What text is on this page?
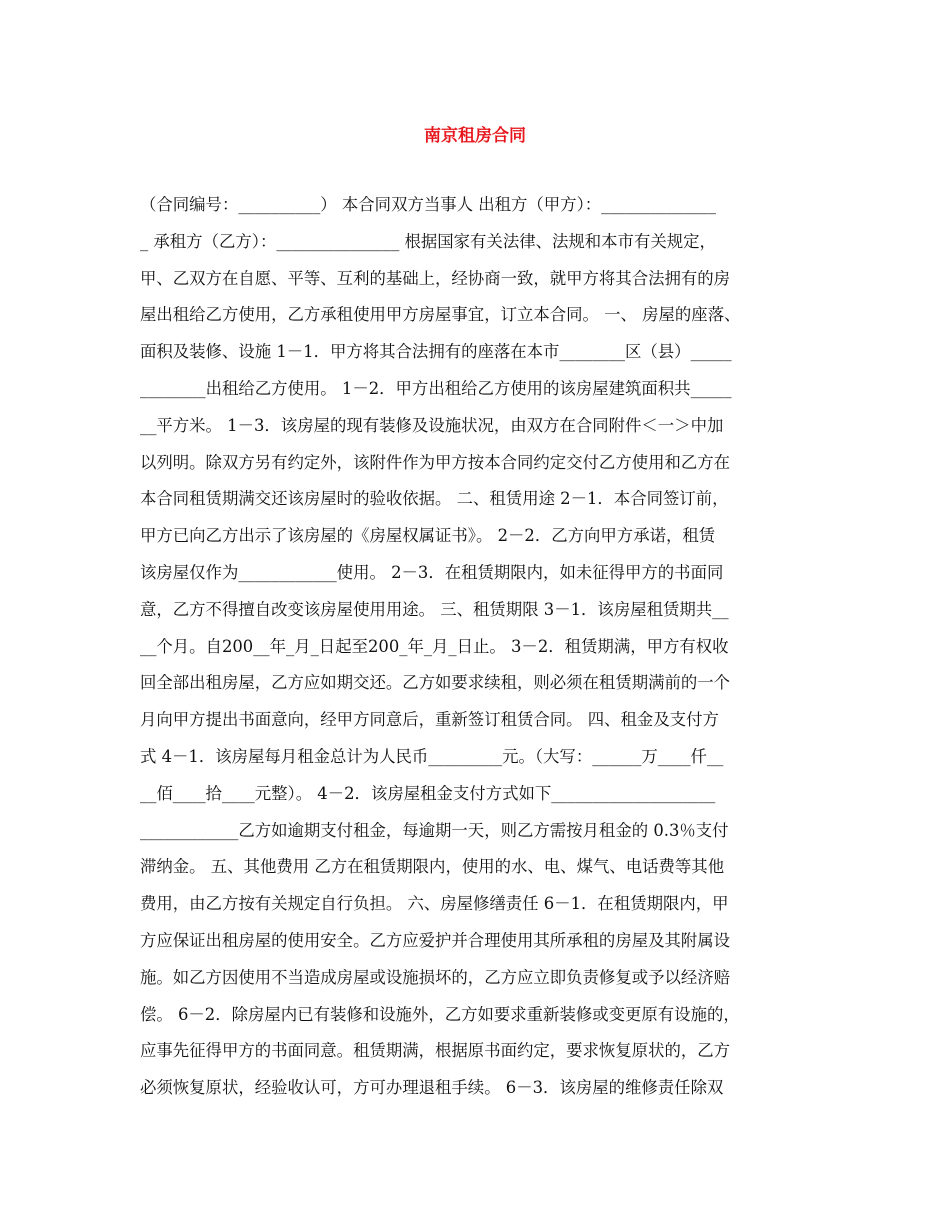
南京租房合同
（合同编号：__________） 本合同双方当事人 出租方（甲方）：______________
_ 承租方（乙方）：_______________ 根据国家有关法律、法规和本市有关规定，
甲、乙双方在自愿、平等、互利的基础上，经协商一致，就甲方将其合法拥有的房
屋出租给乙方使用，乙方承租使用甲方房屋事宜，订立本合同。 一、 房屋的座落、
面积及装修、设施 1－1．甲方将其合法拥有的座落在本市________区（县）_____
________出租给乙方使用。 1－2．甲方出租给乙方使用的该房屋建筑面积共_____
__平方米。 1－3．该房屋的现有装修及设施状况，由双方在合同附件＜一＞中加
以列明。除双方另有约定外，该附件作为甲方按本合同约定交付乙方使用和乙方在
本合同租赁期满交还该房屋时的验收依据。 二、租赁用途 2－1．本合同签订前，
甲方已向乙方出示了该房屋的《房屋权属证书》。 2－2．乙方向甲方承诺，租赁
该房屋仅作为____________使用。 2－3．在租赁期限内，如未征得甲方的书面同
意，乙方不得擅自改变该房屋使用用途。 三、租赁期限 3－1．该房屋租赁期共__
__个月。自200__年_月_日起至200_年_月_日止。 3－2．租赁期满，甲方有权收
回全部出租房屋，乙方应如期交还。乙方如要求续租，则必须在租赁期满前的一个
月向甲方提出书面意向，经甲方同意后，重新签订租赁合同。 四、租金及支付方
式 4－1．该房屋每月租金总计为人民币_________元。（大写：______万____仟__
__佰____拾____元整）。 4－2．该房屋租金支付方式如下____________________
____________乙方如逾期支付租金，每逾期一天，则乙方需按月租金的 0.3％支付
滞纳金。 五、其他费用 乙方在租赁期限内，使用的水、电、煤气、电话费等其他
费用，由乙方按有关规定自行负担。 六、房屋修缮责任 6－1．在租赁期限内，甲
方应保证出租房屋的使用安全。乙方应爱护并合理使用其所承租的房屋及其附属设
施。如乙方因使用不当造成房屋或设施损坏的，乙方应立即负责修复或予以经济赔
偿。 6－2．除房屋内已有装修和设施外，乙方如要求重新装修或变更原有设施的，
应事先征得甲方的书面同意。租赁期满，根据原书面约定，要求恢复原状的，乙方
必须恢复原状，经验收认可，方可办理退租手续。 6－3．该房屋的维修责任除双
